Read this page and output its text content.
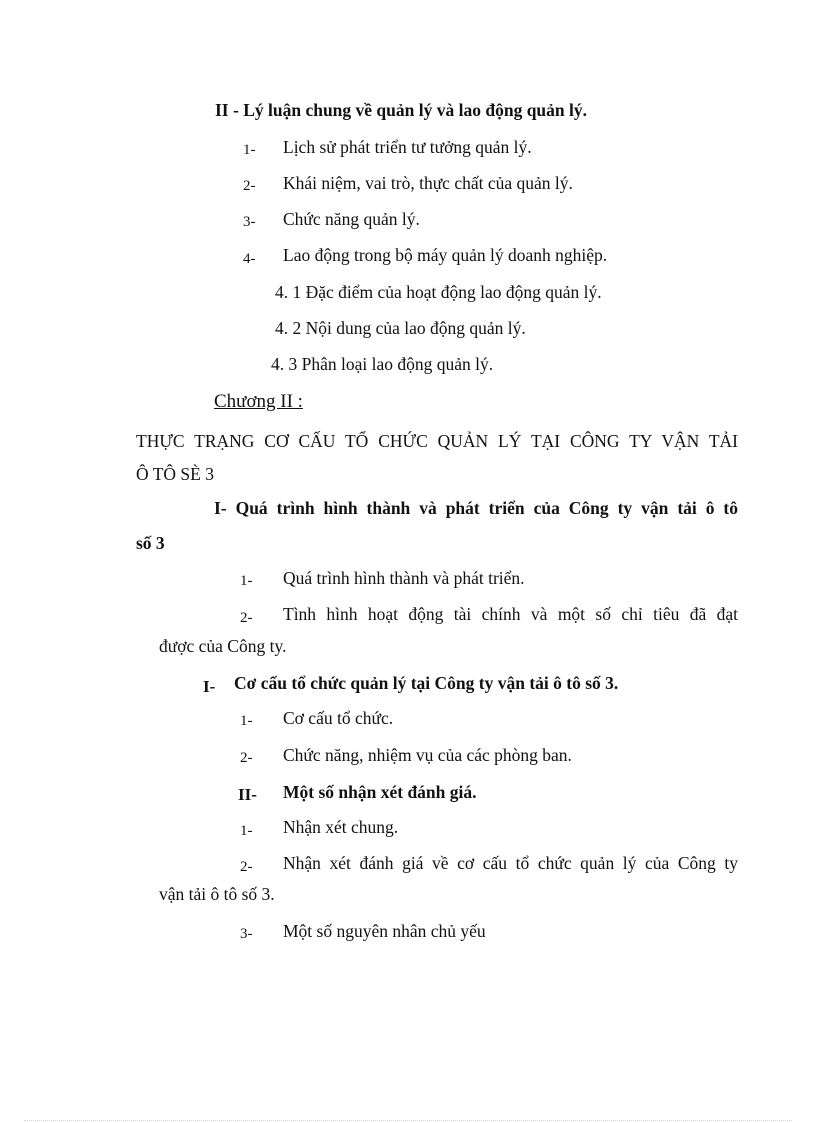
II - Lý luận chung về quản lý và lao động quản lý.
1- Lịch sử phát triển tư tưởng quản lý.
2- Khái niệm, vai trò, thực chất của quản lý.
3- Chức năng quản lý.
4- Lao động trong bộ máy quản lý doanh nghiệp.
4. 1 Đặc điểm của hoạt động lao động quản lý.
4. 2 Nội dung của lao động quản lý.
4. 3 Phân loại lao động quản lý.
Chương II :
THỰC TRẠNG CƠ CẤU TỔ CHỨC QUẢN LÝ TẠI CÔNG TY VẬN TẢI
Ô TÔ SÈ 3
I- Quá trình hình thành và phát triển của Công ty vận tải ô tô
số 3
1- Quá trình hình thành và phát triển.
2- Tình hình hoạt động tài chính và một số chỉ tiêu đã đạt
được của Công ty.
I- Cơ cấu tổ chức quản lý tại Công ty vận tải ô tô số 3.
1- Cơ cấu tổ chức.
2- Chức năng, nhiệm vụ của các phòng ban.
II- Một số nhận xét đánh giá.
1- Nhận xét chung.
2- Nhận xét đánh giá về cơ cấu tổ chức quản lý của Công ty
vận tải ô tô số 3.
3- Một số nguyên nhân chủ yếu
